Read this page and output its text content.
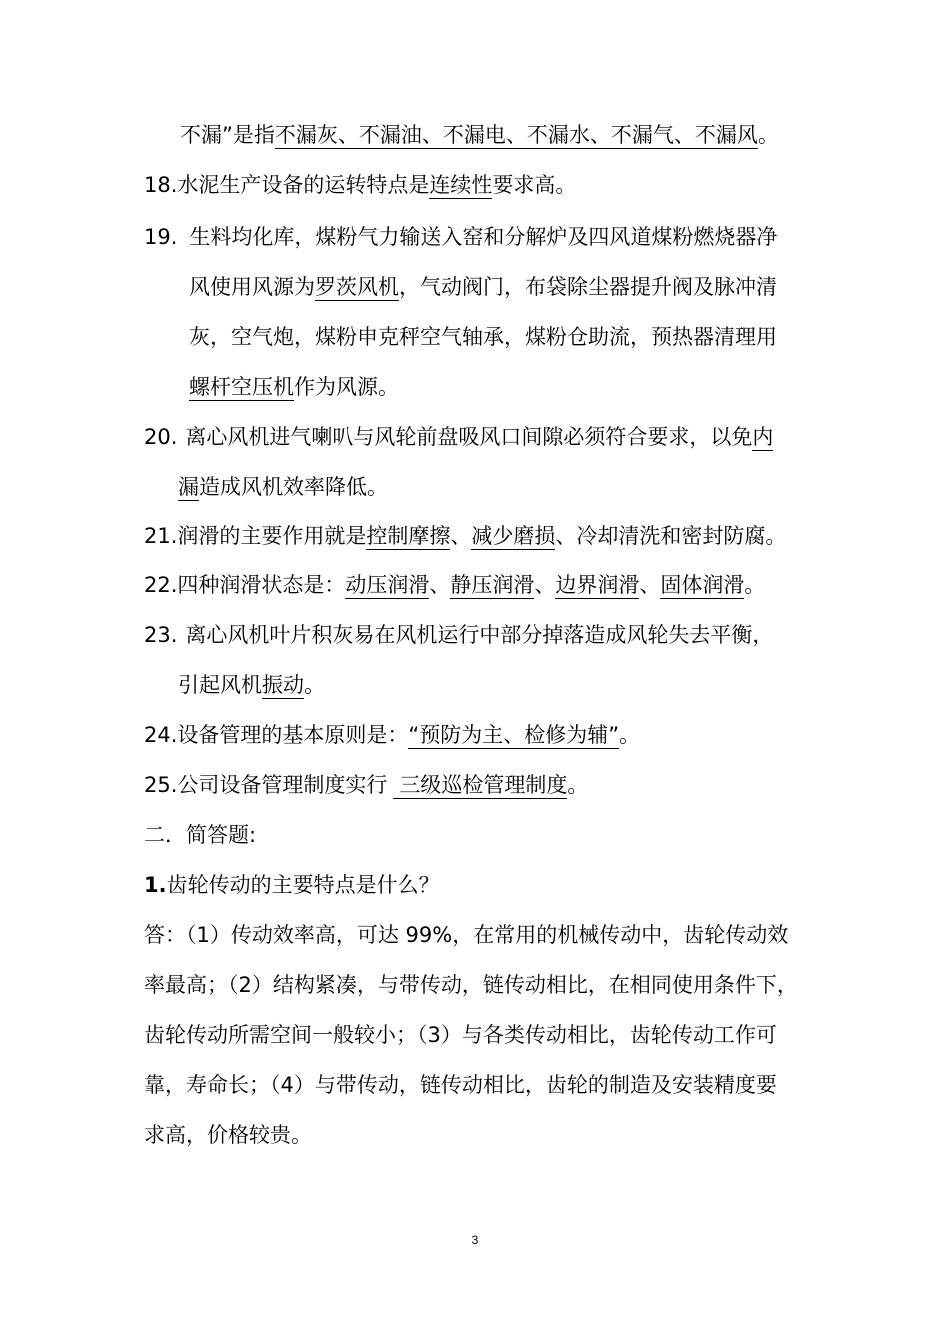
不漏”是指不漏灰、不漏油、不漏电、不漏水、不漏气、不漏风。
18.水泥生产设备的运转特点是连续性要求高。
19. 生料均化库，煤粉气力输送入窑和分解炉及四风道煤粉燃烧器净
风使用风源为罗茨风机，气动阀门，布袋除尘器提升阀及脉冲清
灰，空气炮，煤粉申克秤空气轴承，煤粉仓助流，预热器清理用
螺杆空压机作为风源。
20. 离心风机进气喇叭与风轮前盘吸风口间隙必须符合要求，以免内
漏造成风机效率降低。
21.润滑的主要作用就是控制摩擦、减少磨损、冷却清洗和密封防腐。
22.四种润滑状态是：动压润滑、静压润滑、边界润滑、固体润滑。
23. 离心风机叶片积灰易在风机运行中部分掉落造成风轮失去平衡，
引起风机振动。
24.设备管理的基本原则是：“预防为主、检修为辅”。
25.公司设备管理制度实行 三级巡检管理制度。
二．简答题:
1.齿轮传动的主要特点是什么？
答：（1）传动效率高，可达 99%，在常用的机械传动中，齿轮传动效
率最高；（2）结构紧凑，与带传动，链传动相比，在相同使用条件下，
齿轮传动所需空间一般较小；（3）与各类传动相比，齿轮传动工作可
靠，寿命长；（4）与带传动，链传动相比，齿轮的制造及安装精度要
求高，价格较贵。
3
